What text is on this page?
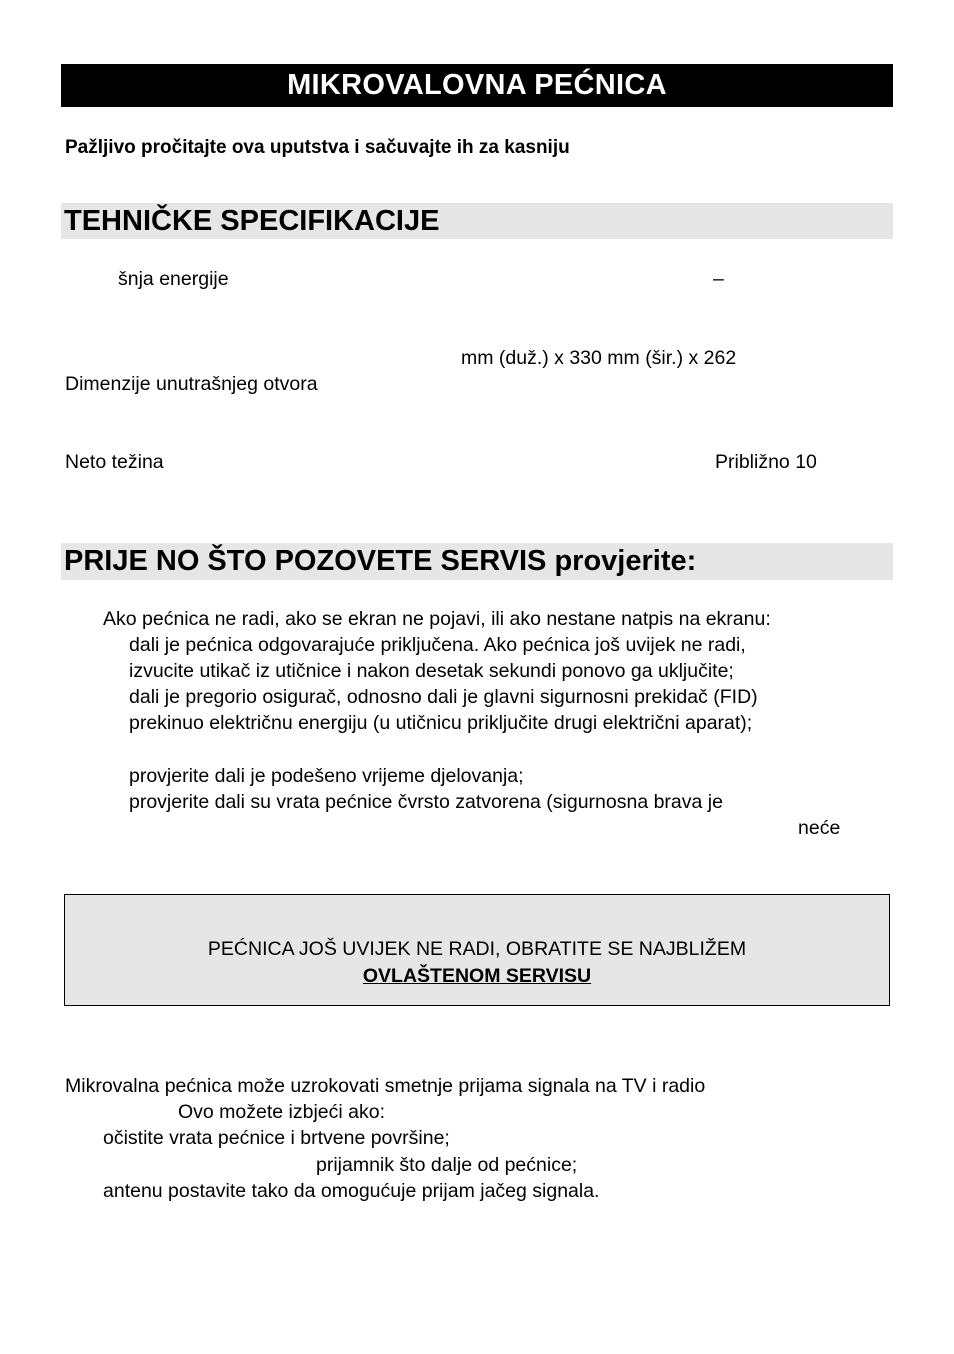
MIKROVALOVNA PEĆNICA
Pažljivo pročitajte ova uputstva i sačuvajte ih za kasniju
TEHNIČKE SPECIFIKACIJE
šnja energije	–
mm (duž.) x 330 mm (šir.) x 262
Dimenzije unutrašnjeg otvora
Neto težina	Približno 10
PRIJE NO ŠTO POZOVETE SERVIS provjerite:
Ako pećnica ne radi, ako se ekran ne pojavi, ili ako nestane natpis na ekranu:
dali je pećnica odgovarajuće priključena. Ako pećnica još uvijek ne radi,
izvucite utikač iz utičnice i nakon desetak sekundi ponovo ga uključite;
dali je pregorio osigurač, odnosno dali je glavni sigurnosni prekidač (FID)
prekinuo električnu energiju (u utičnicu priključite drugi električni aparat);
provjerite dali je podešeno vrijeme djelovanja;
provjerite dali su vrata pećnice čvrsto zatvorena (sigurnosna brava je
neće
PEĆNICA JOŠ UVIJEK NE RADI, OBRATITE SE NAJBLIŽEM
OVLAŠTENOM SERVISU
Mikrovalna pećnica može uzrokovati smetnje prijama signala na TV i radio
Ovo možete izbjeći ako:
očistite vrata pećnice i brtvene površine;
prijamnik što dalje od pećnice;
antenu postavite tako da omogućuje prijam jačeg signala.
